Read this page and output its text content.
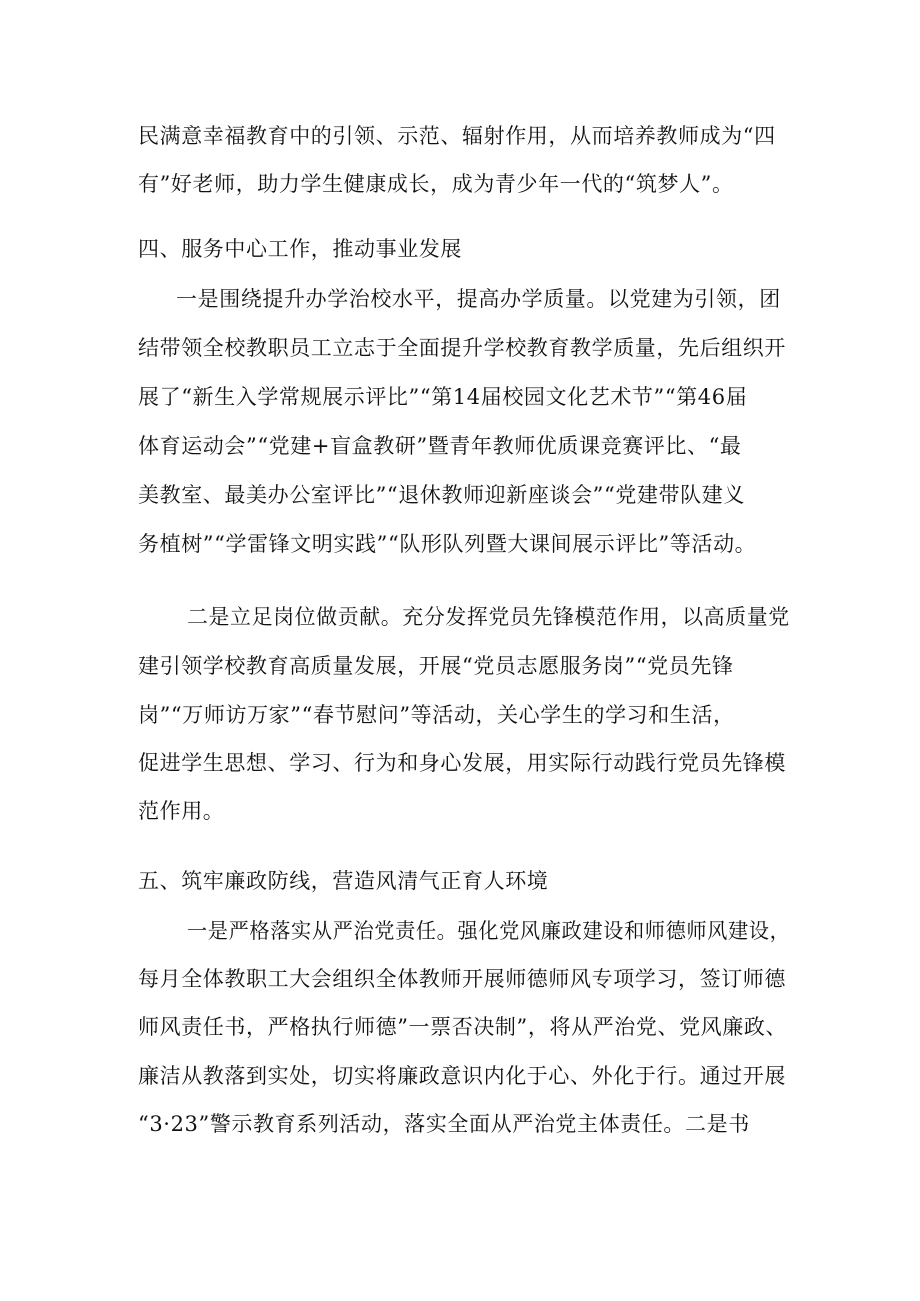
民满意幸福教育中的引领、示范、辐射作用，从而培养教师成为“四
有”好老师，助力学生健康成长，成为青少年一代的“筑梦人”。
四、服务中心工作，推动事业发展
一是围绕提升办学治校水平，提高办学质量。以党建为引领，团
结带领全校教职员工立志于全面提升学校教育教学质量，先后组织开
展了“新生入学常规展示评比”“第14届校园文化艺术节”“第46届
体育运动会”“党建+盲盒教研”暨青年教师优质课竞赛评比、“最
美教室、最美办公室评比”“退休教师迎新座谈会”“党建带队建义
务植树”“学雷锋文明实践”“队形队列暨大课间展示评比”等活动。
二是立足岗位做贡献。充分发挥党员先锋模范作用，以高质量党
建引领学校教育高质量发展，开展“党员志愿服务岗”“党员先锋
岗”“万师访万家”“春节慰问”等活动，关心学生的学习和生活，
促进学生思想、学习、行为和身心发展，用实际行动践行党员先锋模
范作用。
五、筑牢廉政防线，营造风清气正育人环境
一是严格落实从严治党责任。强化党风廉政建设和师德师风建设，
每月全体教职工大会组织全体教师开展师德师风专项学习，签订师德
师风责任书，严格执行师德”一票否决制”，将从严治党、党风廉政、
廉洁从教落到实处，切实将廉政意识内化于心、外化于行。通过开展
“3·23”警示教育系列活动，落实全面从严治党主体责任。二是书
